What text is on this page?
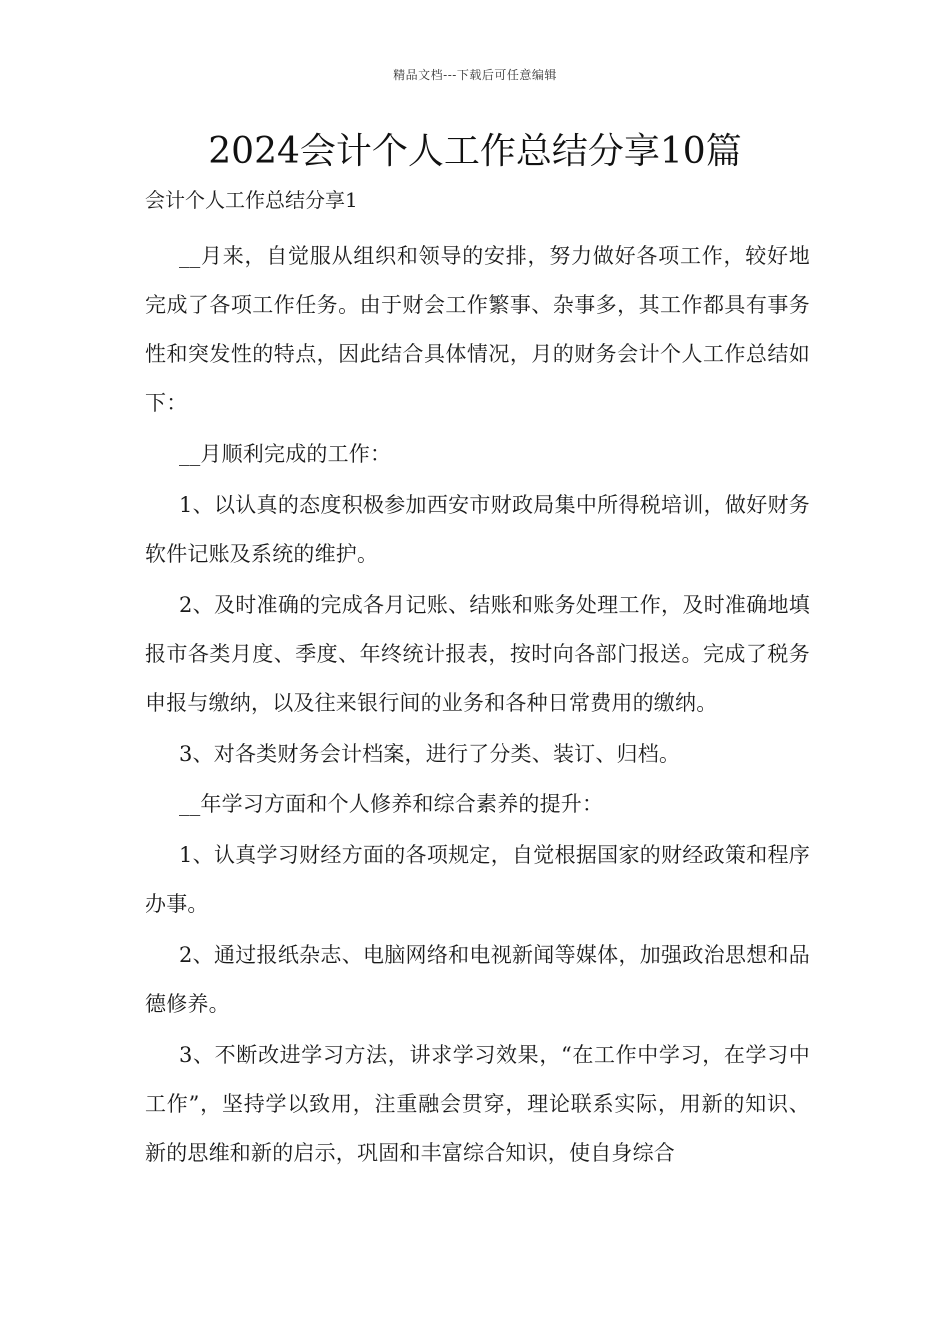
精品文档---下载后可任意编辑
2024会计个人工作总结分享10篇
会计个人工作总结分享1

__月来，自觉服从组织和领导的安排，努力做好各项工作，较好地完成了各项工作任务。由于财会工作繁事、杂事多，其工作都具有事务性和突发性的特点，因此结合具体情况，月的财务会计个人工作总结如下：

__月顺利完成的工作：

1、以认真的态度积极参加西安市财政局集中所得税培训，做好财务软件记账及系统的维护。

2、及时准确的完成各月记账、结账和账务处理工作，及时准确地填报市各类月度、季度、年终统计报表，按时向各部门报送。完成了税务申报与缴纳，以及往来银行间的业务和各种日常费用的缴纳。

3、对各类财务会计档案，进行了分类、装订、归档。

__年学习方面和个人修养和综合素养的提升：

1、认真学习财经方面的各项规定，自觉根据国家的财经政策和程序办事。

2、通过报纸杂志、电脑网络和电视新闻等媒体，加强政治思想和品德修养。

3、不断改进学习方法，讲求学习效果，“在工作中学习，在学习中工作”，坚持学以致用，注重融会贯穿，理论联系实际，用新的知识、新的思维和新的启示，巩固和丰富综合知识，使自身综合
